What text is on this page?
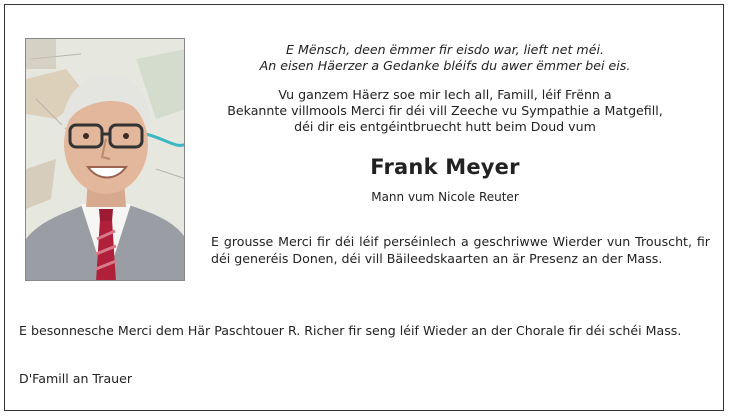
E Mënsch, deen ëmmer fir eisdo war, lieft net méi.
An eisen Häerzer a Gedanke bléifs du awer ëmmer bei eis.
Vu ganzem Häerz soe mir Iech all, Famill, léif Frënn a
Bekannte villmools Merci fir déi vill Zeeche vu Sympathie a Matgefill,
déi dir eis entgéintbruecht hutt beim Doud vum
Frank Meyer
Mann vum Nicole Reuter
E grousse Merci fir déi léif perséinlech a geschriwwe Wierder vun Trouscht, fir déi generéis Donen, déi vill Bäileedskaarten an är Presenz an der Mass.
E besonnesche Merci dem Här Paschtouer R. Richer fir seng léif Wieder an der Chorale fir déi schéi Mass.
D'Famill an Trauer
